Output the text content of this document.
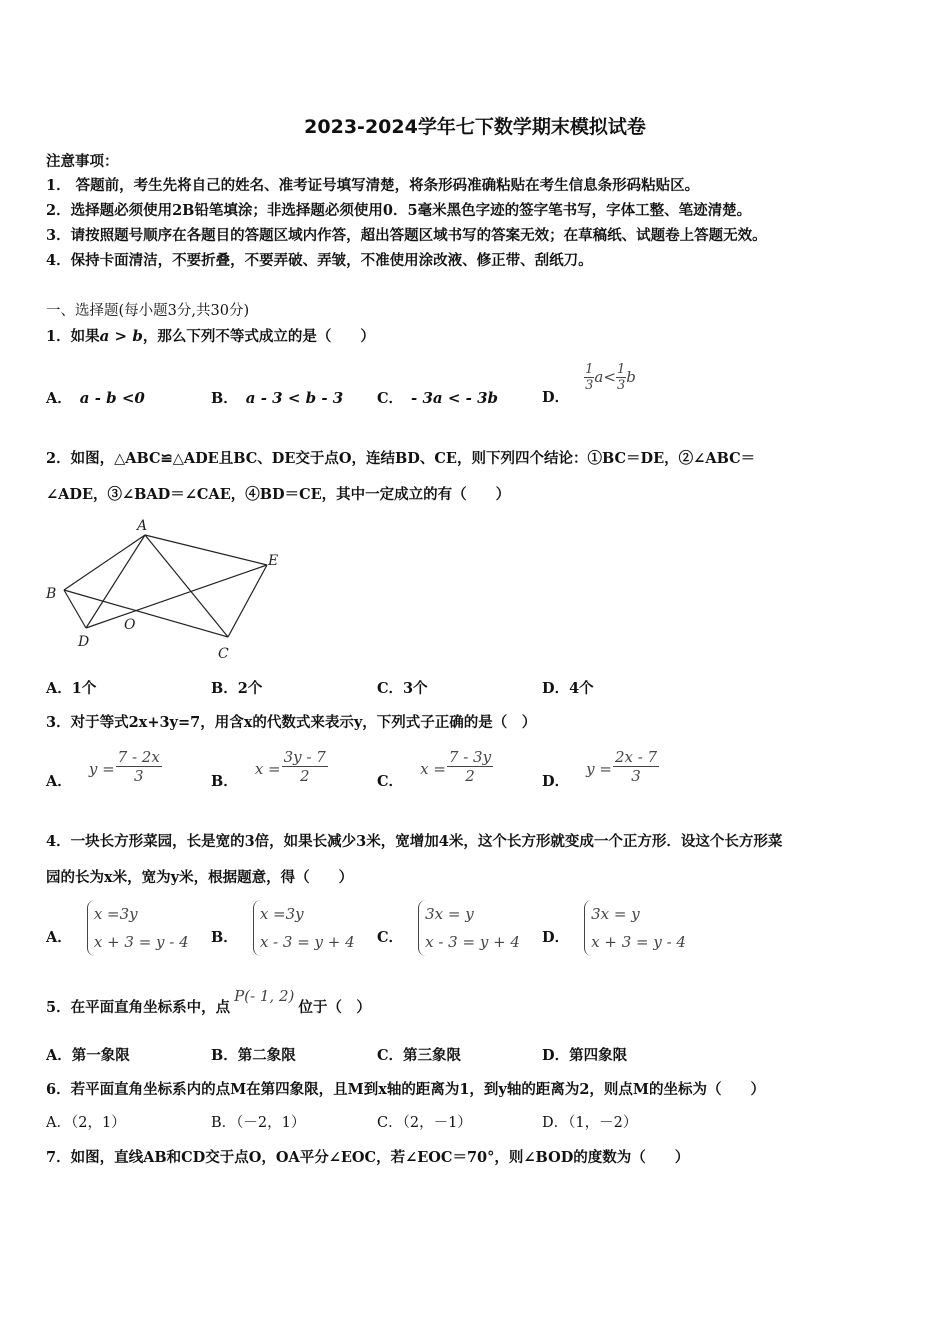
2023-2024学年七下数学期末模拟试卷
注意事项：
1． 答题前，考生先将自己的姓名、准考证号填写清楚，将条形码准确粘贴在考生信息条形码粘贴区。
2．选择题必须使用2B铅笔填涂；非选择题必须使用0．5毫米黑色字迹的签字笔书写，字体工整、笔迹清楚。
3．请按照题号顺序在各题目的答题区域内作答，超出答题区域书写的答案无效；在草稿纸、试题卷上答题无效。
4．保持卡面清洁，不要折叠，不要弄破、弄皱，不准使用涂改液、修正带、刮纸刀。
一、选择题(每小题3分,共30分)
1．如果a > b，那么下列不等式成立的是（　　）
A． a - b <0	B． a - 3 < b - 3 C． - 3a < - 3b	D．
$\frac{1}{3} a< \frac{1}{3}$ b
2．如图，△ABC≌△ADE且BC、DE交于点O，连结BD、CE，则下列四个结论：①BC＝DE，②∠ABC＝
∠ADE，③∠BAD＝∠CAE，④BD＝CE，其中一定成立的有（　　）
A
B
C
D
E
O
A．1个	B．2个	C．3个	D．4个
3．对于等式2x+3y=7，用含x的代数式来表示y，下列式子正确的是（　）
A． $y = \frac{7 - 2x}{3}$	B． $x = \frac{3y - 7}{2}$	C． $x = \frac{7 - 3y}{2}$	D． $y = \frac{2x - 7}{3}$
4．一块长方形菜园，长是宽的3倍，如果长减少3米，宽增加4米，这个长方形就变成一个正方形．设这个长方形菜
园的长为x米，宽为y米，根据题意，得（　　）
A．
x =3y
x + 3 = y - 4 B．
x =3y
x - 3 = y + 4 C．
3x = y
x - 3 = y + 4 D．
3x = y
x + 3 = y - 4
5．在平面直角坐标系中，点P(- 1, 2)位于（　）
A．第一象限	B．第二象限	C．第三象限	D．第四象限
6．若平面直角坐标系内的点M在第四象限，且M到x轴的距离为1，到y轴的距离为2，则点M的坐标为（　　）
A．（2，1）	B．（－2，1）	C．（2，－1）	D．（1，－2）
7．如图，直线AB和CD交于点O，OA平分∠EOC，若∠EOC＝70°，则∠BOD的度数为（　　）
